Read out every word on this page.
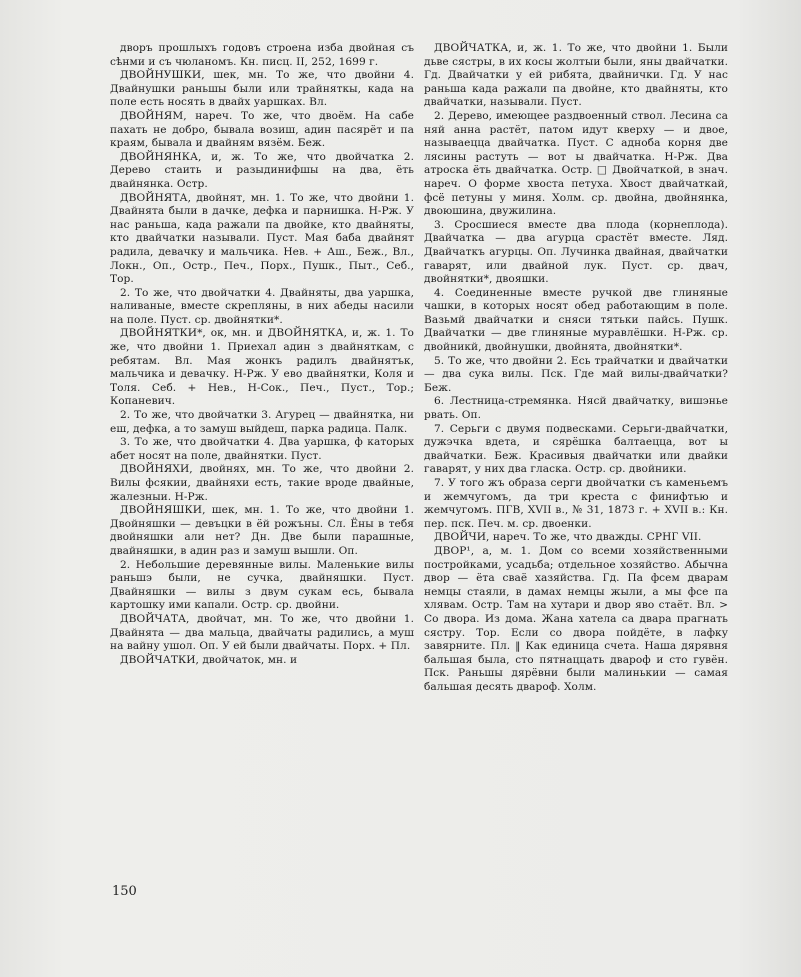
дворъ прошлыхъ годовъ строена изба двойная съ сѣнми и съ чюланомъ. Кн. писц. II, 252, 1699 г.

ДВОЙНУШКИ, шек, мн. То же, что двойни 4. Двайнушки раньшы были или трайняткы, када на поле есть носять в двайх уаршках. Вл.

ДВОЙНЯМ, нареч. То же, что двоём. На сабе пахать не добро, бывала возиш, адин пасярёт и па краям, бывала и двайням вязём. Беж.

ДВОЙНЯНКА, и, ж. То же, что двойчатка 2. Дерево стаить и разыдинифшы на два, ёть двайнянка. Остр.

ДВОЙНЯТА, двойнят, мн. 1. То же, что двойни 1. Двайнята были в дачке, дефка и парнишка. Н-Рж. У нас раньша, када ражали па двойке, кто двайняты, кто двайчатки называли. Пуст. Мая баба двайнят радила, девачку и мальчика. Нев. + Аш., Беж., Вл., Локн., Оп., Остр., Печ., Порх., Пушк., Пыт., Себ., Тор.

2. То же, что двойчатки 4. Двайняты, два уаршка, наливаные, вместе скрепляны, в них абеды насили на поле. Пуст. ср. двойнятки*.

ДВОЙНЯТКИ*, ок, мн. и ДВОЙНЯТКА, и, ж. 1. То же, что двойни 1. Приехал адин з двайняткам, с ребятам. Вл. Мая жонкъ радилъ двайнятък, мальчика и девачку. Н-Рж. У ево двайнятки, Коля и Толя. Себ. + Нев., Н-Сок., Печ., Пуст., Тор.; Копаневич.

2. То же, что двойчатки 3. Агурец — двайнятка, ни еш, дефка, а то замуш выйдеш, парка радица. Палк.

3. То же, что двойчатки 4. Два уаршка, ф каторых абет носят на поле, двайнятки. Пуст.

ДВОЙНЯХИ, двойнях, мн. То же, что двойни 2. Вилы фсякии, двайняхи есть, такие вроде двайные, жалезныи. Н-Рж.

ДВОЙНЯШКИ, шек, мн. 1. То же, что двойни 1. Двойняшки — девъцки в ёй рожъны. Сл. Ёны в тебя двойняшки али нет? Дн. Две были парашные, двайняшки, в адин раз и замуш вышли. Оп.

2. Небольшие деревянные вилы. Маленькие вилы раньшэ были, не сучка, двайняшки. Пуст. Двайняшки — вилы з двум сукам есь, бывала картошку ими капали. Остр. ср. двойни.

ДВОЙЧАТА, двойчат, мн. То же, что двойни 1. Двайнята — два мальца, двайчаты радились, а муш на вайну ушол. Оп. У ей были двайчаты. Порх. + Пл.

ДВОЙЧАТКИ, двойчаток, мн. и

ДВОЙЧАТКА, и, ж. 1. То же, что двойни 1. Были дьве сястры, в их косы жолтыи были, яны двайчатки. Гд. Двайчатки у ей рибята, двайнички. Гд. У нас раньша када ражали па двойне, кто двайняты, кто двайчатки, называли. Пуст.

2. Дерево, имеющее раздвоенный ствол. Лесина са няй анна растёт, патом идут кверху — и двое, называецца двайчатка. Пуст. С адноба корня две лясины растуть — вот ы двайчатка. Н-Рж. Два атроска ёть двайчатка. Остр. □ Двойчаткой, в знач. нареч. О форме хвоста петуха. Хвост двайчаткай, фсё петуны у миня. Холм. ср. двойна, двойнянка, двоюшина, двужилина.

3. Сросшиеся вместе два плода (корнеплода). Двайчатка — два агурца срастёт вместе. Ляд. Двайчаткъ агурцы. Оп. Лучинка двайная, двайчатки гаварят, или двайной лук. Пуст. ср. двач, двойнятки*, двояшки.

4. Соединенные вместе ручкой две глиняные чашки, в которых носят обед работающим в поле. Вазьмй двайчатки и сняси тятьки пайсь. Пушк. Двайчатки — две глиняные муравлёшки. Н-Рж. ср. двойникй, двойнушки, двойнята, двойнятки*.

5. То же, что двойни 2. Есь трайчатки и двайчатки — два сука вилы. Пск. Где май вилы-двайчатки? Беж.

6. Лестница-стремянка. Нясй двайчатку, вишэнье рвать. Оп.

7. Серьги с двумя подвесками. Серьги-двайчатки, дужэчка вдета, и сярёшка балтаецца, вот ы двайчатки. Беж. Красивыя двайчатки или двайки гаварят, у них два гласка. Остр. ср. двойники.

7. У того жъ образа серги двойчатки съ каменьемъ и жемчугомъ, да три креста с финифтью и жемчугомъ. ПГВ, XVII в., № 31, 1873 г. + XVII в.: Кн. пер. пск. Печ. м. ср. двоенки.

ДВОЙЧИ, нареч. То же, что дважды. СРНГ VII.

ДВОР¹, а, м. 1. Дом со всеми хозяйственными постройками, усадьба; отдельное хозяйство. Абычна двор — ёта сваё хазяйства. Гд. Па фсем дварам немцы стаяли, в дамах немцы жыли, а мы фсе па хлявам. Остр. Там на хутари и двор яво стаёт. Вл. > Со двора. Из дома. Жана хатела са двара прагнать сястру. Тор. Если со двора пойдёте, в лафку завярните. Пл. ‖ Как единица счета. Наша дярявня бальшая была, сто пятнаццать двароф и сто гувён. Пск. Раньшы дярёвни были малинькии — самая бальшая десять двароф. Холм.

150
